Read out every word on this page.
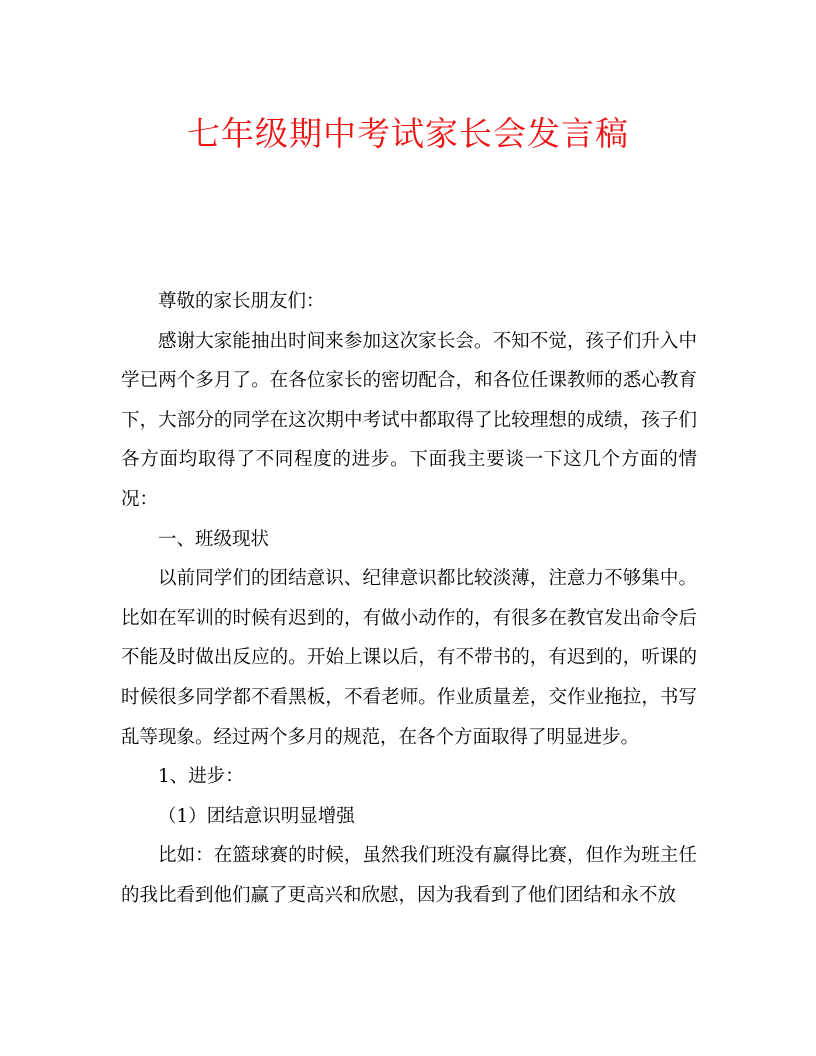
七年级期中考试家长会发言稿

尊敬的家长朋友们：

感谢大家能抽出时间来参加这次家长会。不知不觉，孩子们升入中学已两个多月了。在各位家长的密切配合，和各位任课教师的悉心教育下，大部分的同学在这次期中考试中都取得了比较理想的成绩，孩子们各方面均取得了不同程度的进步。下面我主要谈一下这几个方面的情况：

一、班级现状

以前同学们的团结意识、纪律意识都比较淡薄，注意力不够集中。比如在军训的时候有迟到的，有做小动作的，有很多在教官发出命令后不能及时做出反应的。开始上课以后，有不带书的，有迟到的，听课的时候很多同学都不看黑板，不看老师。作业质量差，交作业拖拉，书写乱等现象。经过两个多月的规范，在各个方面取得了明显进步。

1、进步：

（1）团结意识明显增强

比如：在篮球赛的时候，虽然我们班没有赢得比赛，但作为班主任的我比看到他们赢了更高兴和欣慰，因为我看到了他们团结和永不放
